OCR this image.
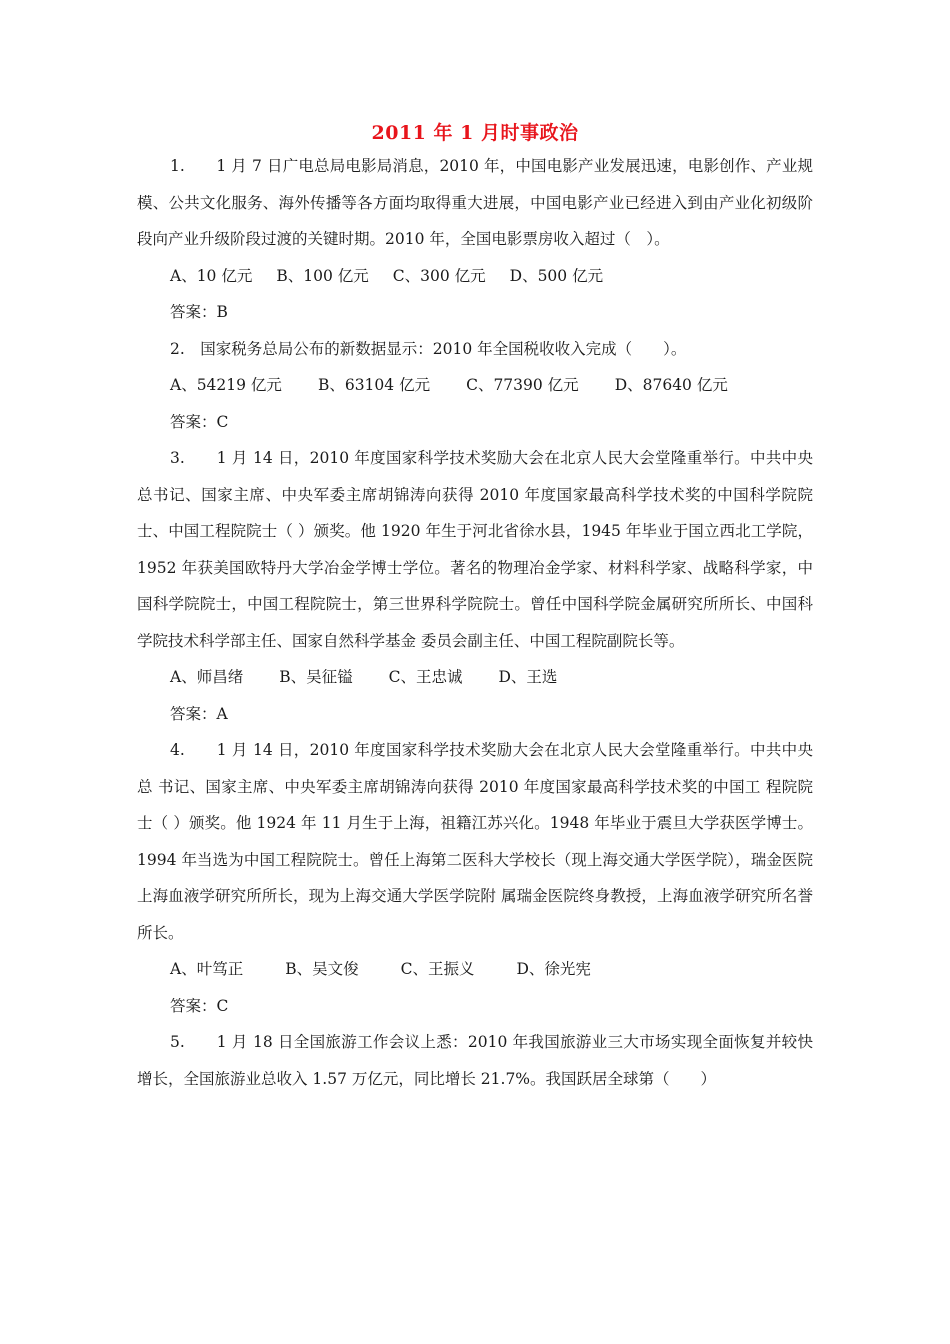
2011 年 1 月时事政治

1.　　1 月 7 日广电总局电影局消息，2010 年，中国电影产业发展迅速，电影创作、产业规模、公共文化服务、海外传播等各方面均取得重大进展，中国电影产业已经进入到由产业化初级阶段向产业升级阶段过渡的关键时期。2010 年，全国电影票房收入超过（　）。

A、10 亿元 B、100 亿元 C、300 亿元 D、500 亿元

答案：B

2.　国家税务总局公布的新数据显示：2010 年全国税收收入完成（　　）。

A、54219 亿元 B、63104 亿元 C、77390 亿元 D、87640 亿元

答案：C

3.　　1 月 14 日，2010 年度国家科学技术奖励大会在北京人民大会堂隆重举行。中共中央总书记、国家主席、中央军委主席胡锦涛向获得 2010 年度国家最高科学技术奖的中国科学院院士、中国工程院院士（ ）颁奖。他 1920 年生于河北省徐水县，1945 年毕业于国立西北工学院，1952 年获美国欧特丹大学冶金学博士学位。著名的物理冶金学家、材料科学家、战略科学家，中国科学院院士，中国工程院院士，第三世界科学院院士。曾任中国科学院金属研究所所长、中国科学院技术科学部主任、国家自然科学基金 委员会副主任、中国工程院副院长等。

A、师昌绪 B、吴征镒 C、王忠诚 D、王选

答案：A

4.　　1 月 14 日，2010 年度国家科学技术奖励大会在北京人民大会堂隆重举行。中共中央总 书记、国家主席、中央军委主席胡锦涛向获得 2010 年度国家最高科学技术奖的中国工 程院院士（ ）颁奖。他 1924 年 11 月生于上海，祖籍江苏兴化。1948 年毕业于震旦大学获医学博士。1994 年当选为中国工程院院士。曾任上海第二医科大学校长（现上海交通大学医学院），瑞金医院上海血液学研究所所长，现为上海交通大学医学院附 属瑞金医院终身教授，上海血液学研究所名誉所长。

A、叶笃正	B、吴文俊	C、王振义	D、徐光宪

答案：C

5.　　1 月 18 日全国旅游工作会议上悉：2010 年我国旅游业三大市场实现全面恢复并较快增长，全国旅游业总收入 1.57 万亿元，同比增长 21.7%。我国跃居全球第（　　）
